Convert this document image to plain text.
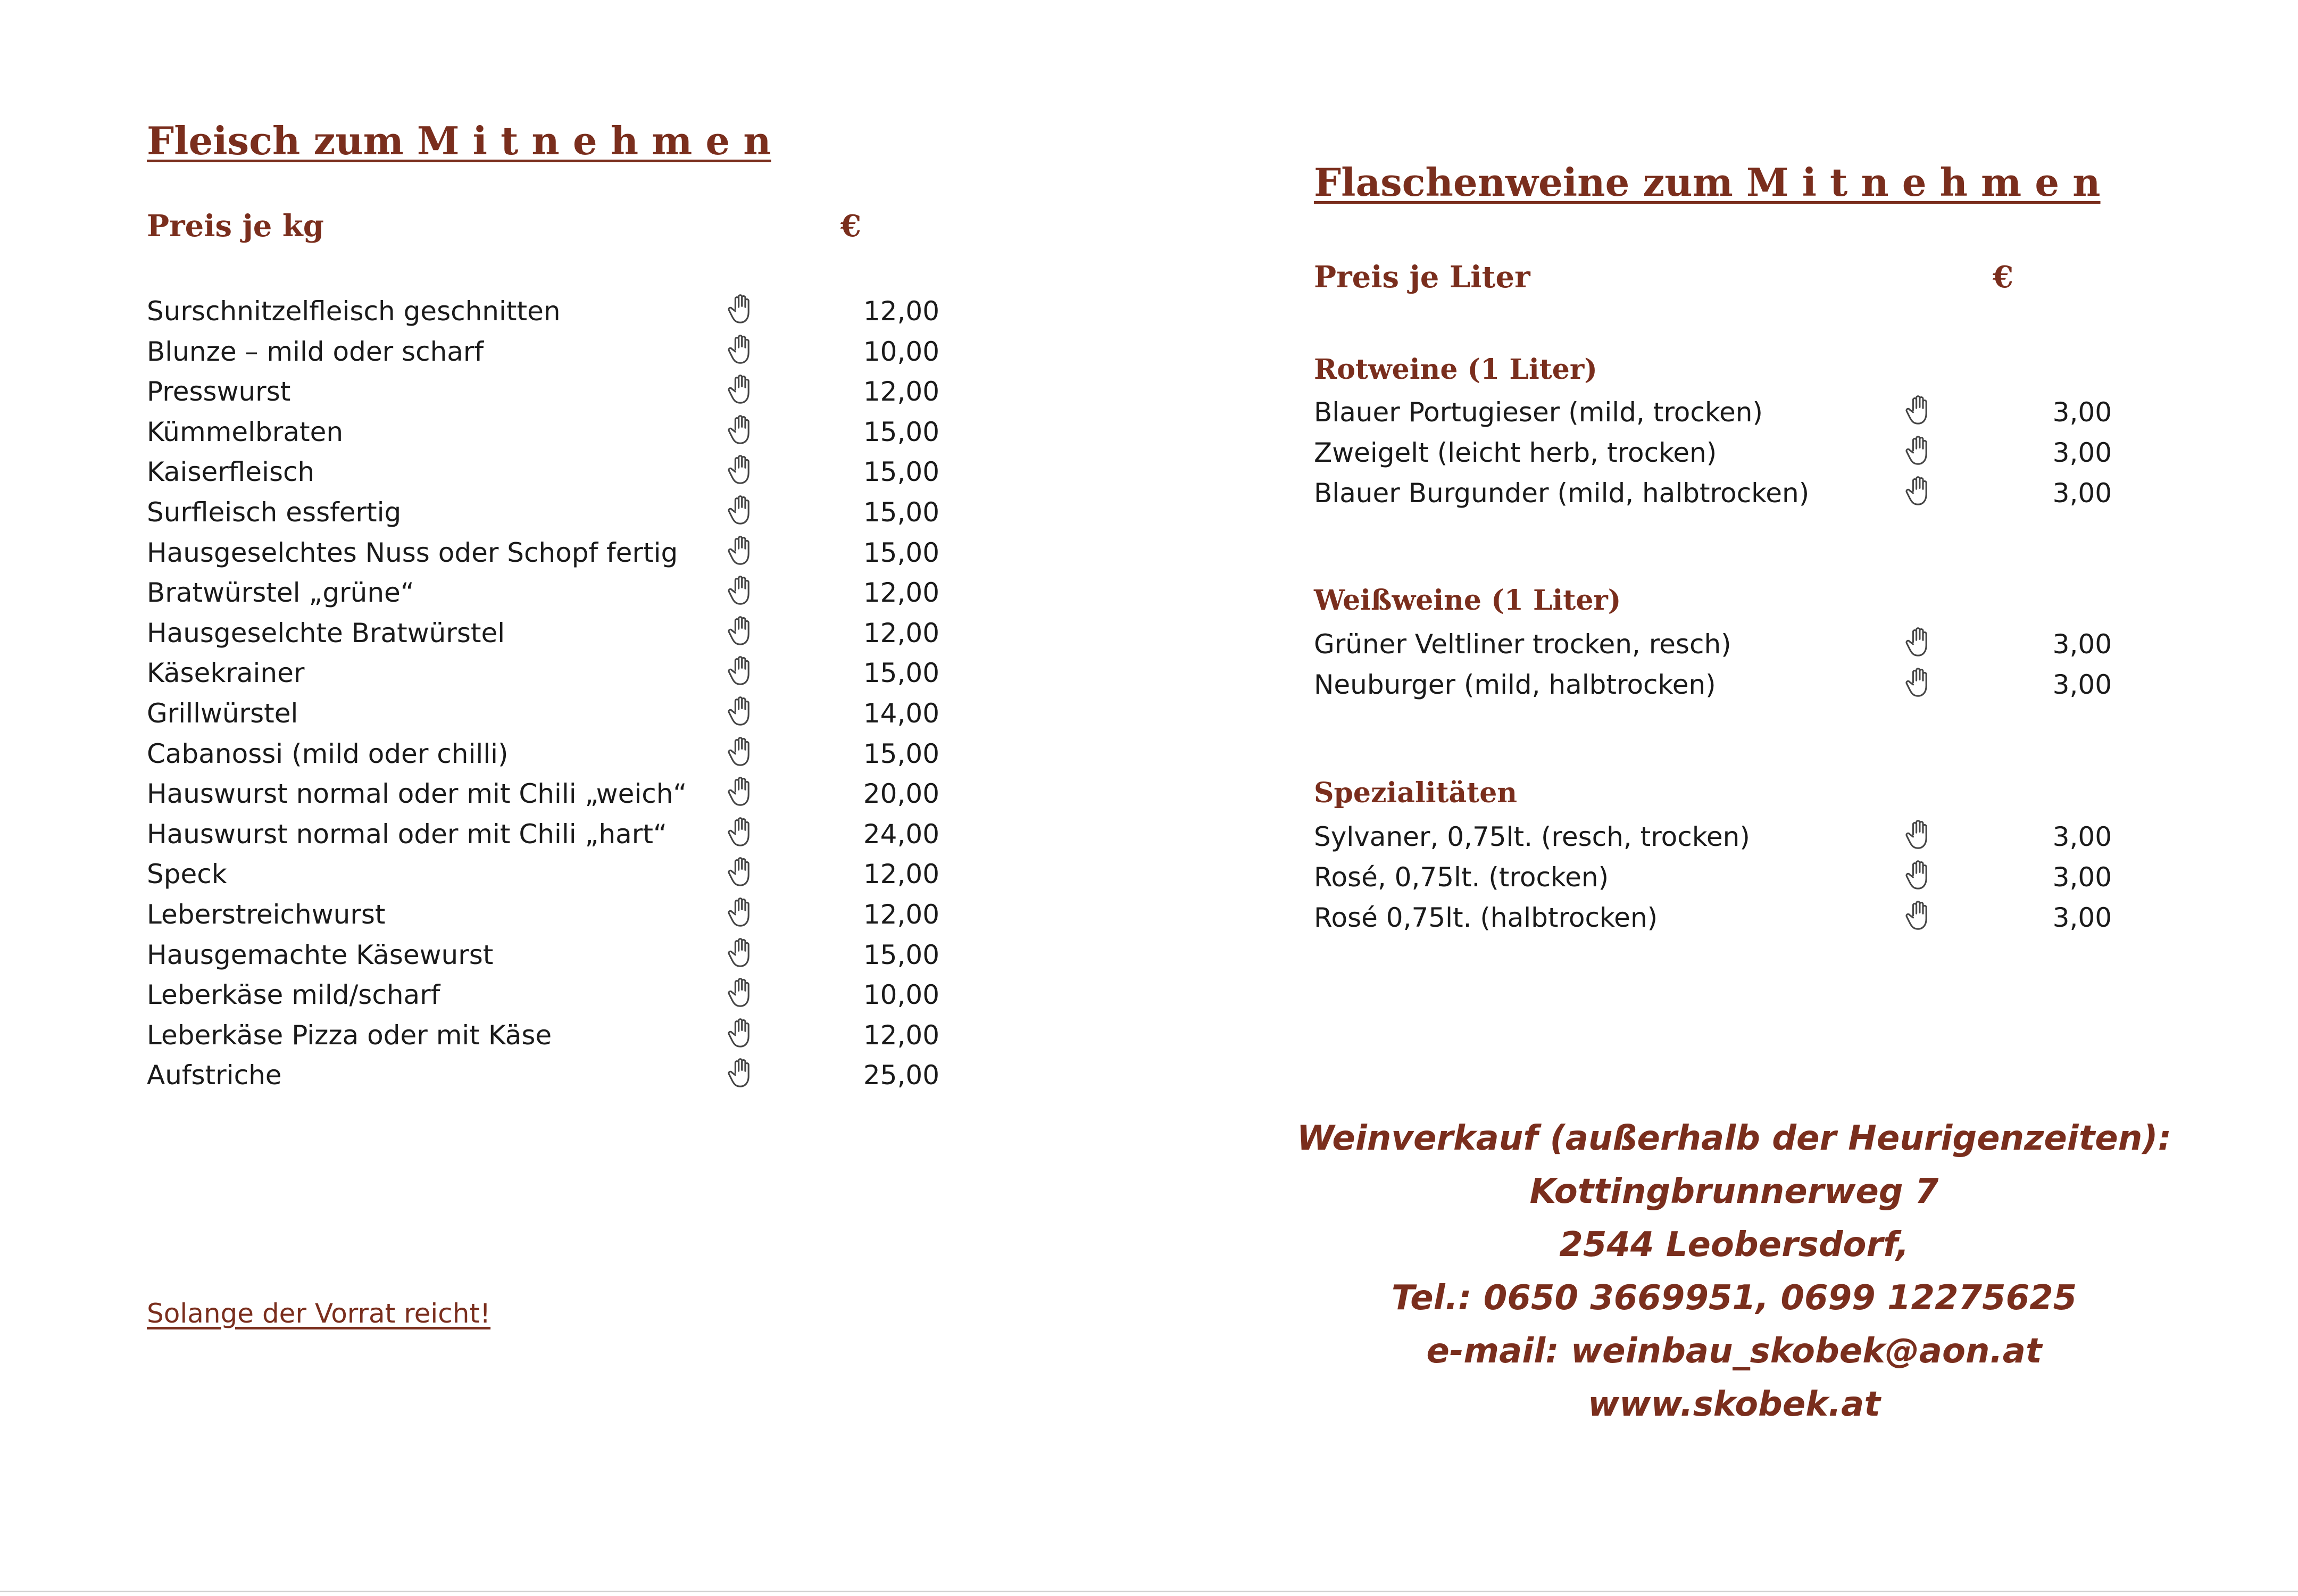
Fleisch zum M i t n e h m e n
Preis je kg	€
Surschnitzelfleisch geschnitten	12,00
Blunze – mild oder scharf	10,00
Presswurst	12,00
Kümmelbraten	15,00
Kaiserfleisch	15,00
Surfleisch essfertig	15,00
Hausgeselchtes Nuss oder Schopf fertig	15,00
Bratwürstel „grüne“	12,00
Hausgeselchte Bratwürstel	12,00
Käsekrainer	15,00
Grillwürstel	14,00
Cabanossi (mild oder chilli)	15,00
Hauswurst normal oder mit Chili „weich“	20,00
Hauswurst normal oder mit Chili „hart“	24,00
Speck	12,00
Leberstreichwurst	12,00
Hausgemachte Käsewurst	15,00
Leberkäse mild/scharf	10,00
Leberkäse Pizza oder mit Käse	12,00
Aufstriche	25,00
Solange der Vorrat reicht!
Flaschenweine zum M i t n e h m e n
Preis je Liter	€
Rotweine (1 Liter)
Blauer Portugieser (mild, trocken)	3,00
Zweigelt (leicht herb, trocken)	3,00
Blauer Burgunder (mild, halbtrocken)	3,00
Weißweine (1 Liter)
Grüner Veltliner trocken, resch)	3,00
Neuburger (mild, halbtrocken)	3,00
Spezialitäten
Sylvaner, 0,75lt. (resch, trocken)	3,00
Rosé, 0,75lt. (trocken)	3,00
Rosé 0,75lt. (halbtrocken)	3,00
Weinverkauf (außerhalb der Heurigenzeiten):
Kottingbrunnerweg 7
2544 Leobersdorf,
Tel.: 0650 3669951, 0699 12275625
e-mail: weinbau_skobek@aon.at
www.skobek.at
